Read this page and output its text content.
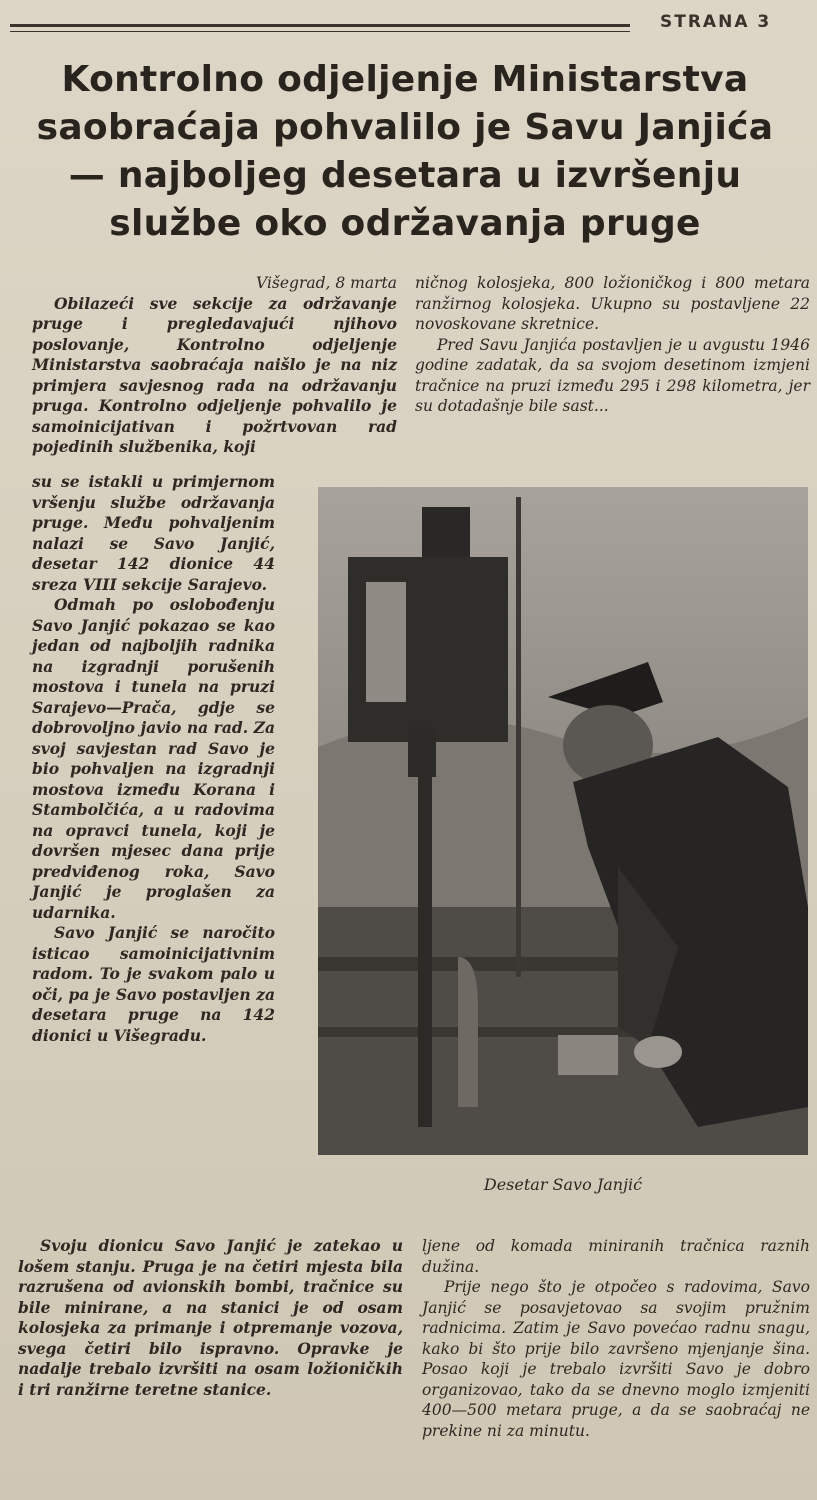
STRANA 3
Kontrolno odjeljenje Ministarstva
saobraćaja pohvalilo je Savu Janjića
— najboljeg desetara u izvršenju
službe oko održavanja pruge
Višegrad, 8 marta

Obilazeći sve sekcije za održavanje pruge i pregledavajući njihovo poslovanje, Kontrolno odjeljenje Ministarstva saobraćaja naišlo je na niz primjera savjesnog rada na održavanju pruga. Kontrolno odjeljenje pohvalilo je samoinicijativan i požrtvovan rad pojedinih službenika, koji

ničnog kolosjeka, 800 ložioničkog i 800 metara ranžirnog kolosjeka. Ukupno su postavljene 22 novoskovane skretnice.

Pred Savu Janjića postavljen je u avgustu 1946 godine zadatak, da sa svojom desetinom izmjeni tračnice na pruzi između 295 i 298 kilometra, jer su dotadašnje bile sast...

su se istakli u primjernom vršenju službe održavanja pruge. Među pohvaljenim nalazi se Savo Janjić, desetar 142 dionice 44 sreza VIII sekcije Sarajevo.

Odmah po oslobođenju Savo Janjić pokazao se kao jedan od najboljih radnika na izgradnji porušenih mostova i tunela na pruzi Sarajevo—Prača, gdje se dobrovoljno javio na rad. Za svoj savjestan rad Savo je bio pohvaljen na izgradnji mostova između Korana i Stambolčića, a u radovima na opravci tunela, koji je dovršen mjesec dana prije predviđenog roka, Savo Janjić je proglašen za udarnika.

Savo Janjić se naročito isticao samoinicijativnim radom. To je svakom palo u oči, pa je Savo postavljen za desetara pruge na 142 dionici u Višegradu.

Desetar Savo Janjić

Svoju dionicu Savo Janjić je zatekao u lošem stanju. Pruga je na četiri mjesta bila razrušena od avionskih bombi, tračnice su bile minirane, a na stanici je od osam kolosjeka za primanje i otpremanje vozova, svega četiri bilo ispravno. Opravke je nadalje trebalo izvršiti na osam ložioničkih i tri ranžirne teretne stanice.

ljene od komada miniranih tračnica raznih dužina.

Prije nego što je otpočeo s radovima, Savo Janjić se posavjetovao sa svojim pružnim radnicima. Zatim je Savo povećao radnu snagu, kako bi što prije bilo završeno mjenjanje šina. Posao koji je trebalo izvršiti Savo je dobro organizovao, tako da se dnevno moglo izmjeniti 400—500 metara pruge, a da se saobraćaj ne prekine ni za minutu.
